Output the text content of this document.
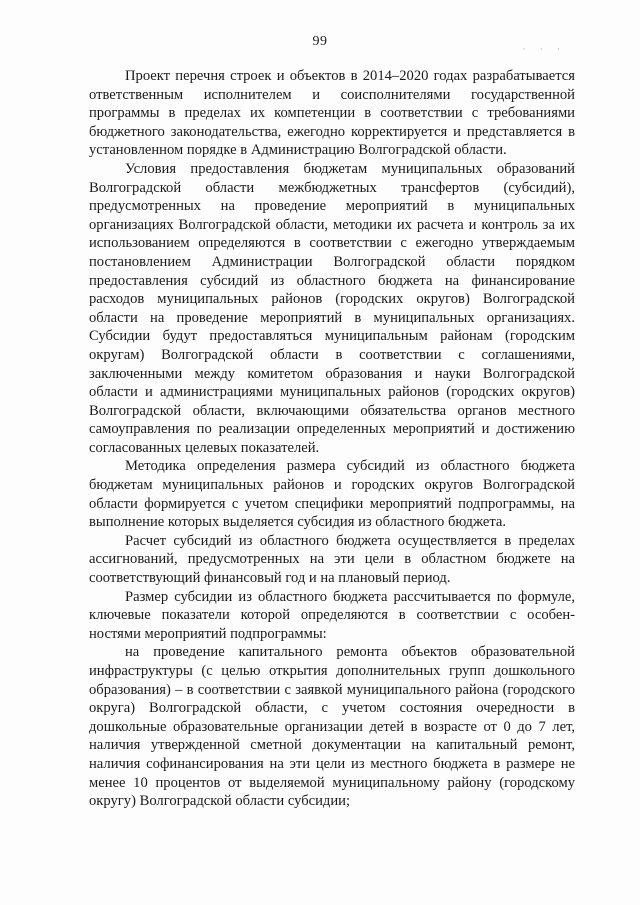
99	· · ·

Проект перечня строек и объектов в 2014–2020 годах разрабатывается ответственным исполнителем и соисполнителями государственной программы в пределах их компетенции в соответствии с требованиями бюджетного законодательства, ежегодно корректируется и представляется в установленном порядке в Администрацию Волгоградской области.

Условия предоставления бюджетам муниципальных образований Волгоградской области межбюджетных трансфертов (субсидий), предусмотренных на проведение мероприятий в муниципальных организациях Волгоградской области, методики их расчета и контроль за их использованием определяются в соответствии с ежегодно утверждаемым постановлением Администрации Волгоградской области порядком предоставления субсидий из областного бюджета на финансирование расходов муниципальных районов (городских округов) Волгоградской области на проведение мероприятий в муниципальных организациях. Субсидии будут предоставляться муниципальным районам (городским округам) Волгоградской области в соответствии с соглашениями, заключенными между комитетом образования и науки Волгоградской области и администрациями муниципальных районов (городских округов) Волгоградской области, включающими обязательства органов местного самоуправления по реализации определенных мероприятий и достижению согласованных целевых показателей.

Методика определения размера субсидий из областного бюджета бюджетам муниципальных районов и городских округов Волгоградской области формируется с учетом специфики мероприятий подпрограммы, на выполнение которых выделяется субсидия из областного бюджета.

Расчет субсидий из областного бюджета осуществляется в пределах ассигнований, предусмотренных на эти цели в областном бюджете на соответствующий финансовый год и на плановый период.

Размер субсидии из областного бюджета рассчитывается по формуле, ключевые показатели которой определяются в соответствии с особен-ностями мероприятий подпрограммы:

на проведение капитального ремонта объектов образовательной инфраструктуры (с целью открытия дополнительных групп дошкольного образования) – в соответствии с заявкой муниципального района (городского округа) Волгоградской области, с учетом состояния очередности в дошкольные образовательные организации детей в возрасте от 0 до 7 лет, наличия утвержденной сметной документации на капитальный ремонт, наличия софинансирования на эти цели из местного бюджета в размере не менее 10 процентов от выделяемой муниципальному району (городскому округу) Волгоградской области субсидии;
